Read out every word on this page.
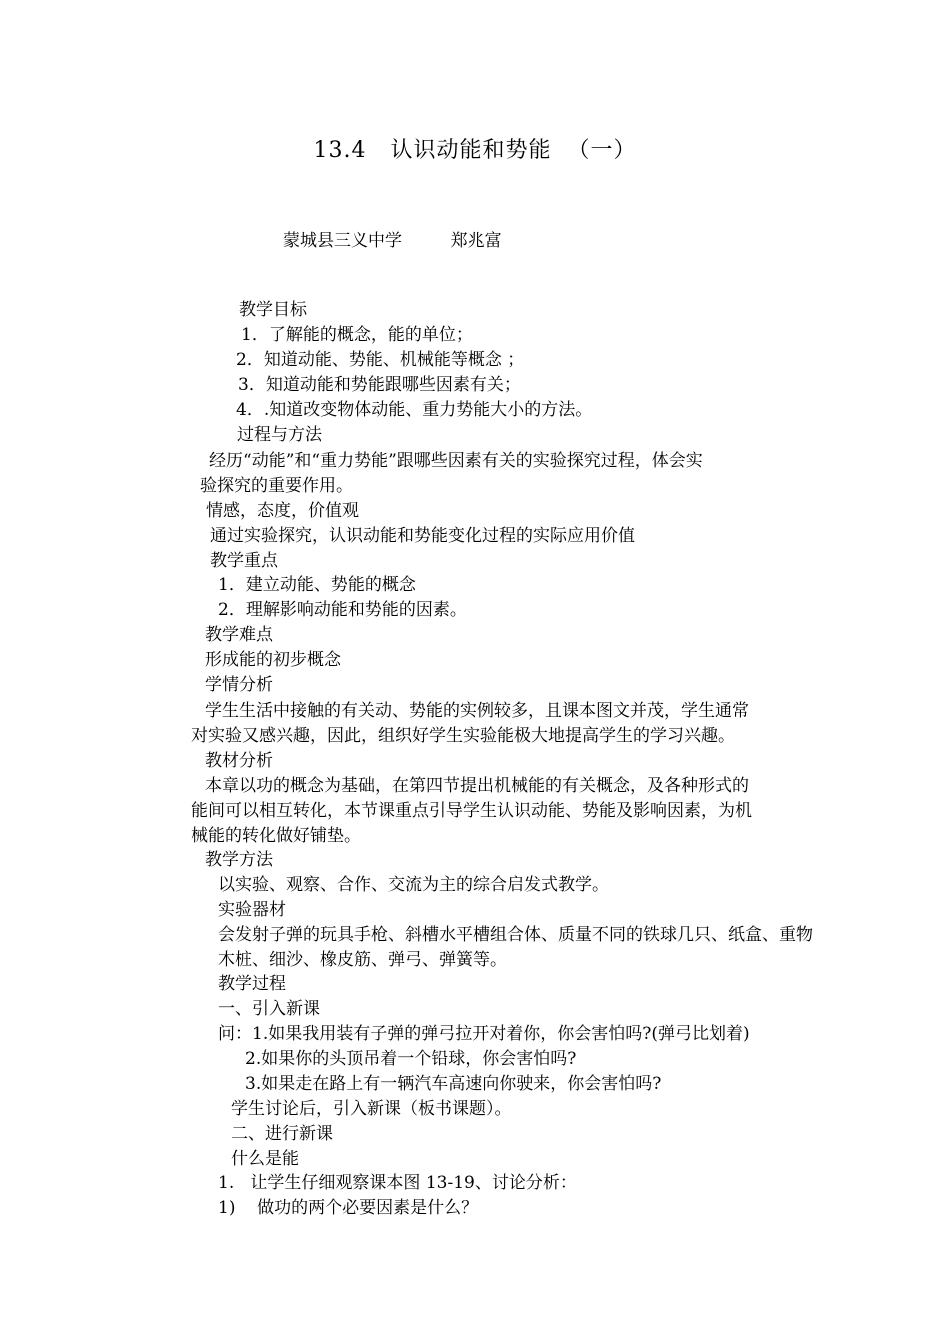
13.4   认识动能和势能  （一）
蒙城县三义中学         郑兆富
教学目标
1．了解能的概念，能的单位；
2．知道动能、势能、机械能等概念 ；
3．知道动能和势能跟哪些因素有关；
4．.知道改变物体动能、重力势能大小的方法。
过程与方法
经历“动能”和“重力势能”跟哪些因素有关的实验探究过程，体会实
验探究的重要作用。
情感，态度，价值观
通过实验探究，认识动能和势能变化过程的实际应用价值
教学重点
1．建立动能、势能的概念
2．理解影响动能和势能的因素。
教学难点
形成能的初步概念
学情分析
学生生活中接触的有关动、势能的实例较多，且课本图文并茂，学生通常
对实验又感兴趣，因此，组织好学生实验能极大地提高学生的学习兴趣。
教材分析
本章以功的概念为基础，在第四节提出机械能的有关概念，及各种形式的
能间可以相互转化，本节课重点引导学生认识动能、势能及影响因素，为机
械能的转化做好铺垫。
教学方法
以实验、观察、合作、交流为主的综合启发式教学。
实验器材
会发射子弹的玩具手枪、斜槽水平槽组合体、质量不同的铁球几只、纸盒、重物
木桩、细沙、橡皮筋、弹弓、弹簧等。
教学过程
一、引入新课
问：1.如果我用装有子弹的弹弓拉开对着你，你会害怕吗?(弹弓比划着)
2.如果你的头顶吊着一个铅球，你会害怕吗?
3.如果走在路上有一辆汽车高速向你驶来，你会害怕吗?
学生讨论后，引入新课（板书课题）。
二、进行新课
什么是能
1.   让学生仔细观察课本图 13-19、讨论分析：
1)    做功的两个必要因素是什么？
